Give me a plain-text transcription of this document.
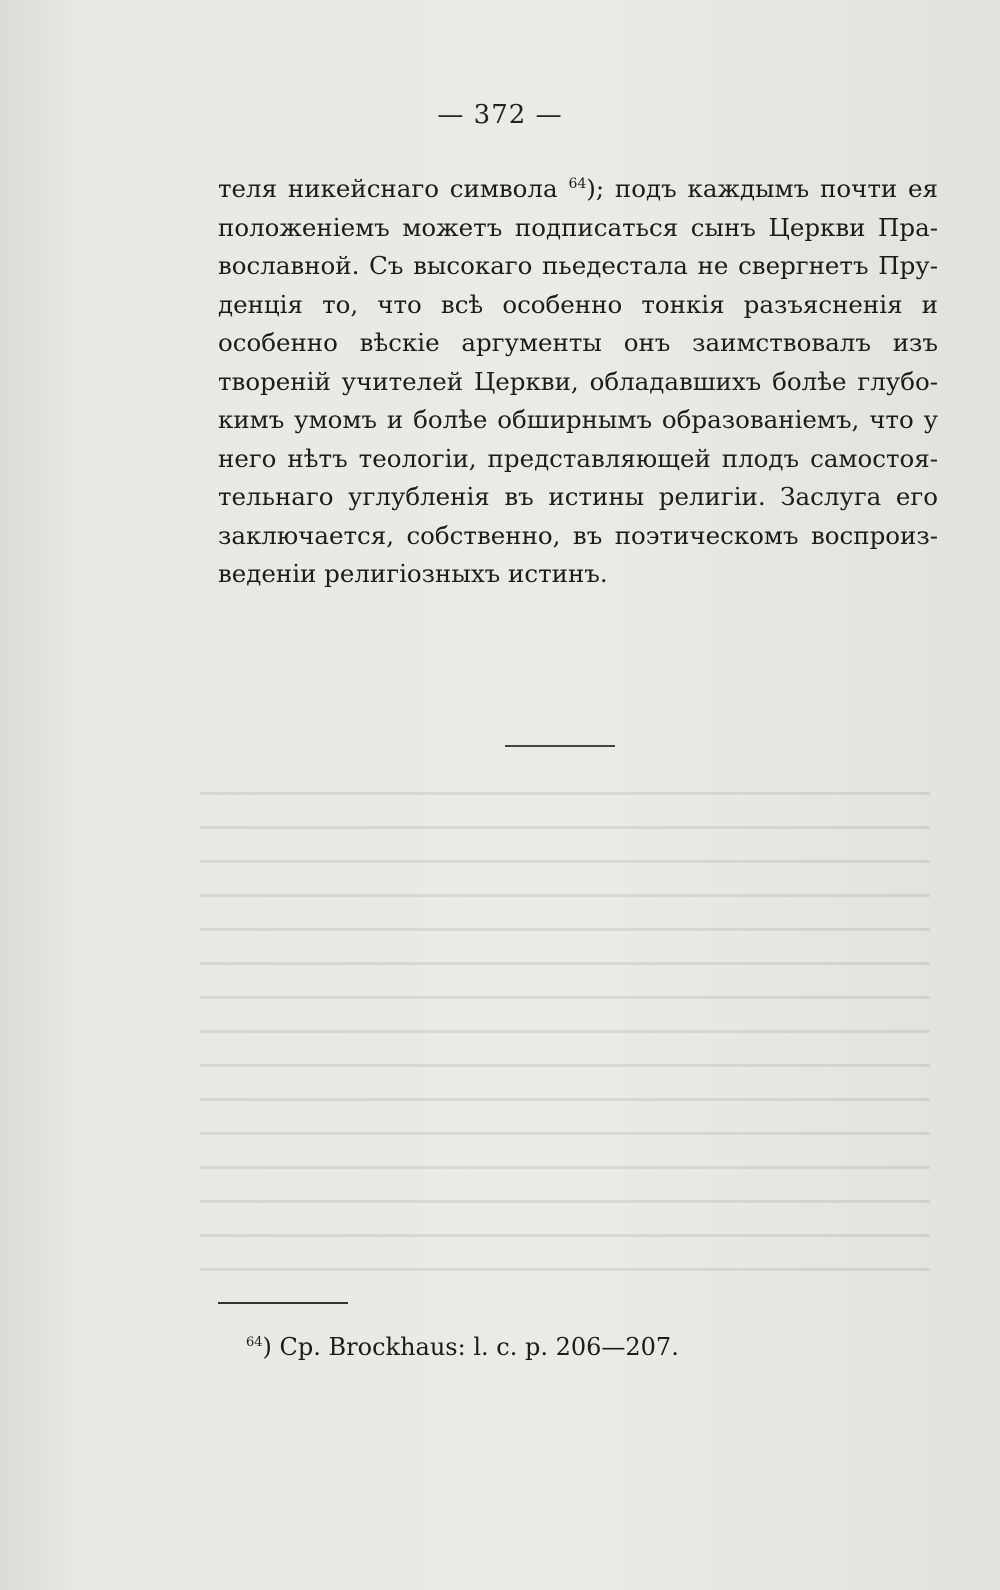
— 372 —
теля никейснаго символа $^{64}$); подъ каждымъ почти ея
положеніемъ можетъ подписаться сынъ Церкви Пра-
вославной. Съ высокаго пьедестала не свергнетъ Пру-
денція то, что всѣ особенно тонкія разъясненія и
особенно вѣскіе аргументы онъ заимствовалъ изъ
твореній учителей Церкви, обладавшихъ болѣе глубо-
кимъ умомъ и болѣе обширнымъ образованіемъ, что у
него нѣтъ теологіи, представляющей плодъ самостоя-
тельнаго углубленія въ истины религіи. Заслуга его
заключается, собственно, въ поэтическомъ воспроиз-
веденіи религіозныхъ истинъ.
$^{64}$) Ср. Brockhaus: l. с. р. 206—207.
